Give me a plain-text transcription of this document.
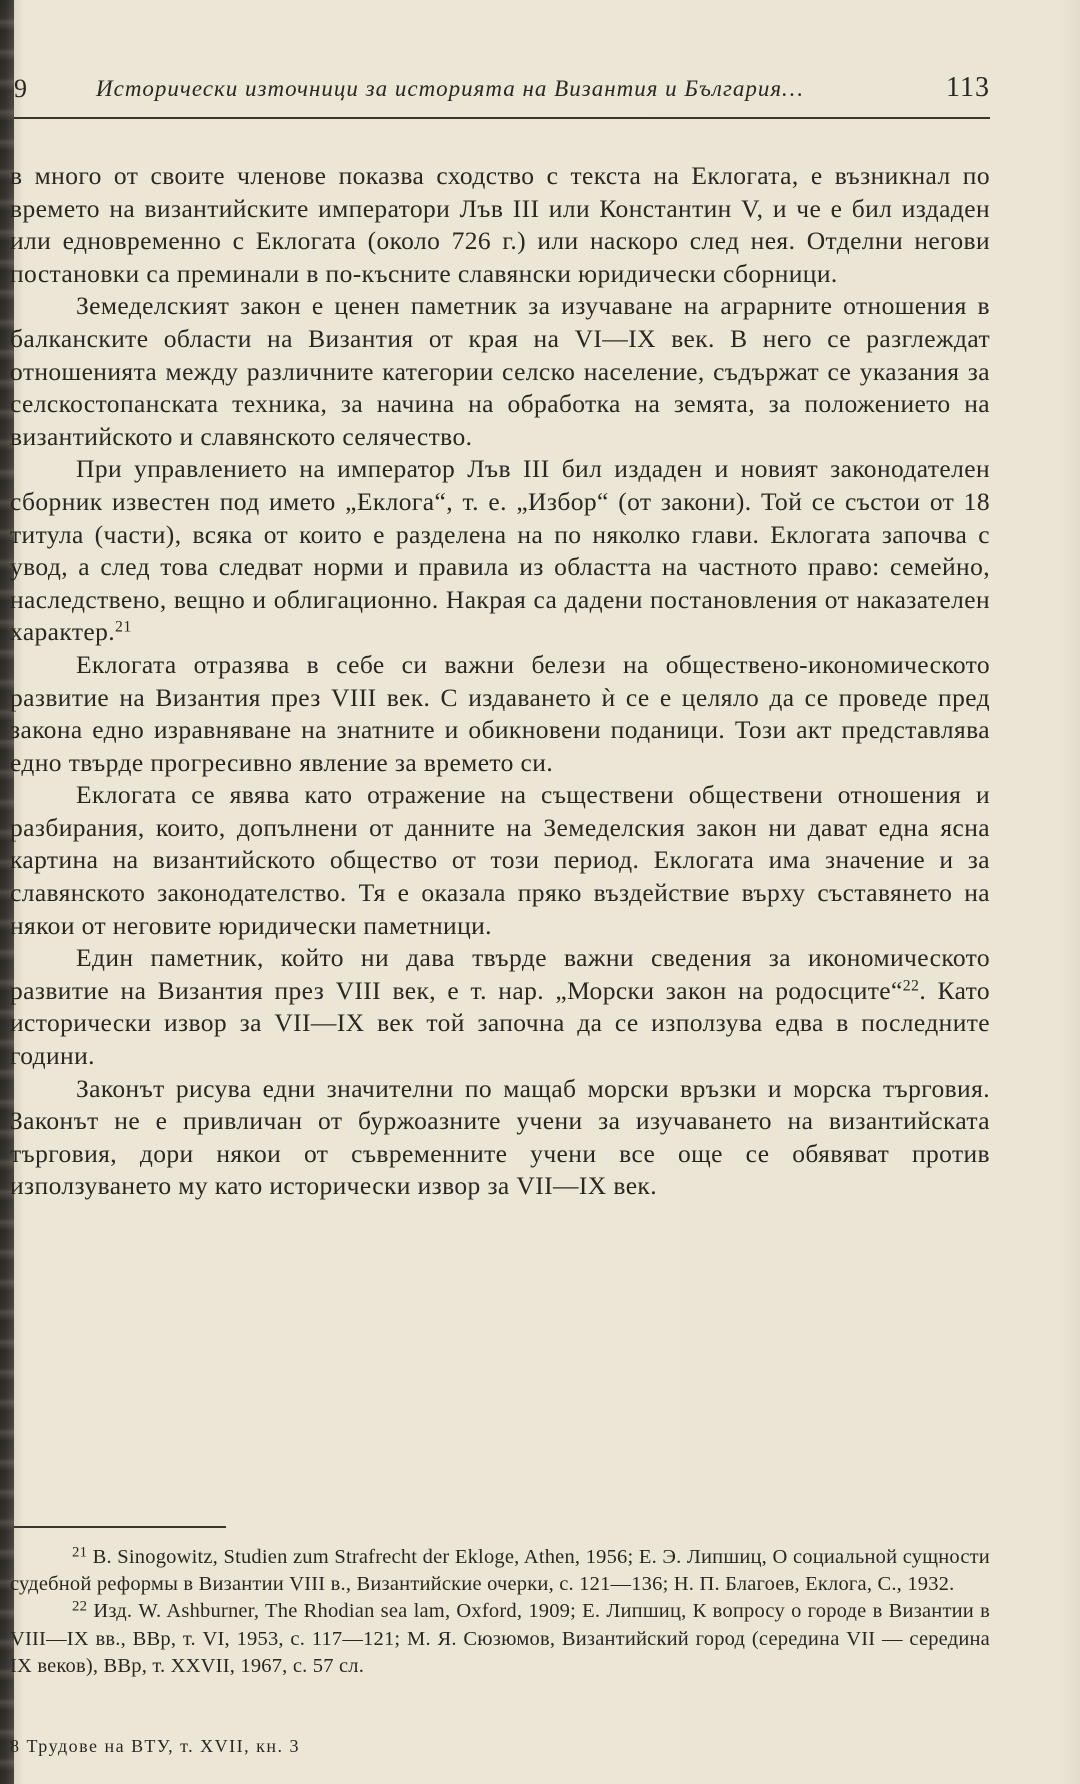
9	Исторически източници за историята на Византия и България…	113

в много от своите членове показва сходство с текста на Еклогата, е възникнал по времето на византийските императори Лъв III или Константин V, и че е бил издаден или едновременно с Еклогата (около 726 г.) или наскоро след нея. Отделни негови постановки са преминали в по-късните славянски юридически сборници.

Земеделският закон е ценен паметник за изучаване на аграрните отношения в балканските области на Византия от края на VI—IX век. В него се разглеждат отношенията между различните категории селско население, съдържат се указания за селскостопанската техника, за начина на обработка на земята, за положението на византийското и славянското селячество.

При управлението на император Лъв III бил издаден и новият законодателен сборник известен под името „Еклога“, т. е. „Избор“ (от закони). Той се състои от 18 титула (части), всяка от които е разделена на по няколко глави. Еклогата започва с увод, а след това следват норми и правила из областта на частното право: семейно, наследствено, вещно и облигационно. Накрая са дадени постановления от наказателен характер.$^{21}$

Еклогата отразява в себе си важни белези на обществено-икономическото развитие на Византия през VIII век. С издаването ѝ се е целяло да се проведе пред закона едно изравняване на знатните и обикновени поданици. Този акт представлява едно твърде прогресивно явление за времето си.

Еклогата се явява като отражение на съществени обществени отношения и разбирания, които, допълнени от данните на Земеделския закон ни дават една ясна картина на византийското общество от този период. Еклогата има значение и за славянското законодателство. Тя е оказала пряко въздействие върху съставянето на някои от неговите юридически паметници.

Един паметник, който ни дава твърде важни сведения за икономическото развитие на Византия през VIII век, е т. нар. „Морски закон на родосците“$^{22}$. Като исторически извор за VII—IX век той започна да се използува едва в последните години.

Законът рисува едни значителни по мащаб морски връзки и морска търговия. Законът не е привличан от буржоазните учени за изучаването на византийската търговия, дори някои от съвременните учени все още се обявяват против използуването му като исторически извор за VII—IX век.

$^{21}$ B. Sinogowitz, Studien zum Strafrecht der Ekloge, Athen, 1956; Е. Э. Липшиц, О социальной сущности судебной реформы в Византии VIII в., Византийские очерки, с. 121—136; Н. П. Благоев, Еклога, С., 1932.

$^{22}$ Изд. W. Ashburner, The Rhodian sea lam, Oxford, 1909; Е. Липшиц, К вопросу о городе в Византии в VIII—IX вв., ВВр, т. VI, 1953, с. 117—121; М. Я. Сюзюмов, Византийский город (середина VII — середина IX веков), ВВр, т. XXVII, 1967, с. 57 сл.

8 Трудове на ВТУ, т. XVII, кн. 3
